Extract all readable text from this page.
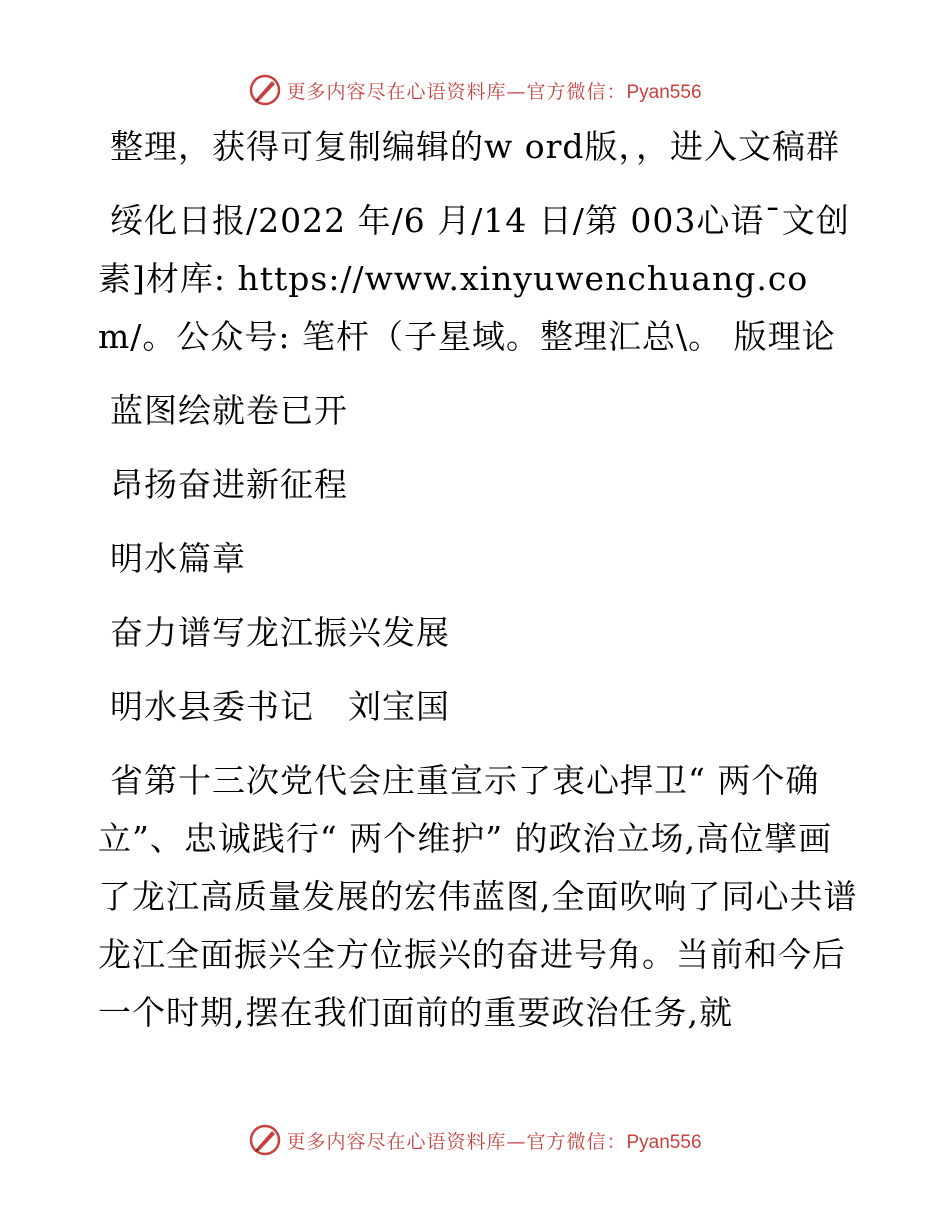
更多内容尽在心语资料库—官方微信：Pyan556

整理，获得可复制编辑的w ord版，，进入文稿群

绥化日报/2022 年/6 月/14 日/第 003心语¯文创素]材库: https://www.xinyuwenchuang.com/。公众号: 笔杆（子星域。整理汇总\。 版理论

蓝图绘就卷已开

昂扬奋进新征程

明水篇章

奋力谱写龙江振兴发展

明水县委书记　刘宝国

省第十三次党代会庄重宣示了衷心捍卫“ 两个确立”、忠诚践行“ 两个维护” 的政治立场,高位擘画了龙江高质量发展的宏伟蓝图,全面吹响了同心共谱龙江全面振兴全方位振兴的奋进号角。当前和今后一个时期,摆在我们面前的重要政治任务,就

更多内容尽在心语资料库—官方微信：Pyan556
